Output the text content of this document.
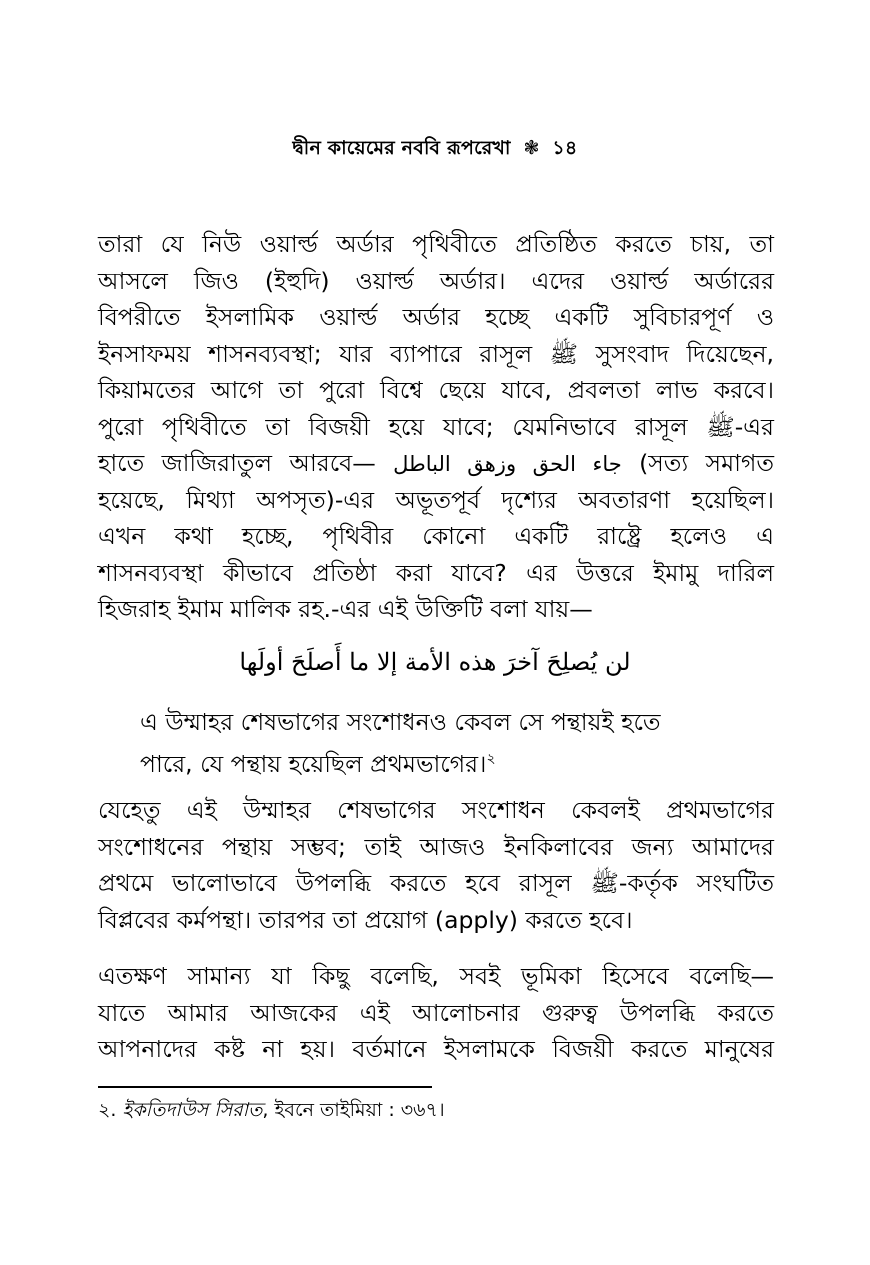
দ্বীন কায়েমের নববি রূপরেখা ❃ ১৪
তারা যে নিউ ওয়ার্ল্ড অর্ডার পৃথিবীতে প্রতিষ্ঠিত করতে চায়, তা
আসলে জিও (ইহুদি) ওয়ার্ল্ড অর্ডার। এদের ওয়ার্ল্ড অর্ডারের
বিপরীতে ইসলামিক ওয়ার্ল্ড অর্ডার হচ্ছে একটি সুবিচারপূর্ণ ও
ইনসাফময় শাসনব্যবস্থা; যার ব্যাপারে রাসূল ﷺ সুসংবাদ দিয়েছেন,
কিয়ামতের আগে তা পুরো বিশ্বে ছেয়ে যাবে, প্রবলতা লাভ করবে।
পুরো পৃথিবীতে তা বিজয়ী হয়ে যাবে; যেমনিভাবে রাসূল ﷺ-এর
হাতে জাজিরাতুল আরবে— جاء الحق وزهق الباطل (সত্য সমাগত
হয়েছে, মিথ্যা অপসৃত)-এর অভূতপূর্ব দৃশ্যের অবতারণা হয়েছিল।
এখন কথা হচ্ছে, পৃথিবীর কোনো একটি রাষ্ট্রে হলেও এ
শাসনব্যবস্থা কীভাবে প্রতিষ্ঠা করা যাবে? এর উত্তরে ইমামু দারিল
হিজরাহ ইমাম মালিক রহ.-এর এই উক্তিটি বলা যায়—
لن يُصلِحَ آخرَ هذه الأمة إلا ما أَصلَحَ أولَها
এ উম্মাহর শেষভাগের সংশোধনও কেবল সে পন্থায়ই হতে
পারে, যে পন্থায় হয়েছিল প্রথমভাগের।$^২$
যেহেতু এই উম্মাহর শেষভাগের সংশোধন কেবলই প্রথমভাগের
সংশোধনের পন্থায় সম্ভব; তাই আজও ইনকিলাবের জন্য আমাদের
প্রথমে ভালোভাবে উপলব্ধি করতে হবে রাসূল ﷺ-কর্তৃক সংঘটিত
বিপ্লবের কর্মপন্থা। তারপর তা প্রয়োগ (apply) করতে হবে।
এতক্ষণ সামান্য যা কিছু বলেছি, সবই ভূমিকা হিসেবে বলেছি—
যাতে আমার আজকের এই আলোচনার গুরুত্ব উপলব্ধি করতে
আপনাদের কষ্ট না হয়। বর্তমানে ইসলামকে বিজয়ী করতে মানুষের
২. ইকতিদাউস সিরাত, ইবনে তাইমিয়া : ৩৬৭।
